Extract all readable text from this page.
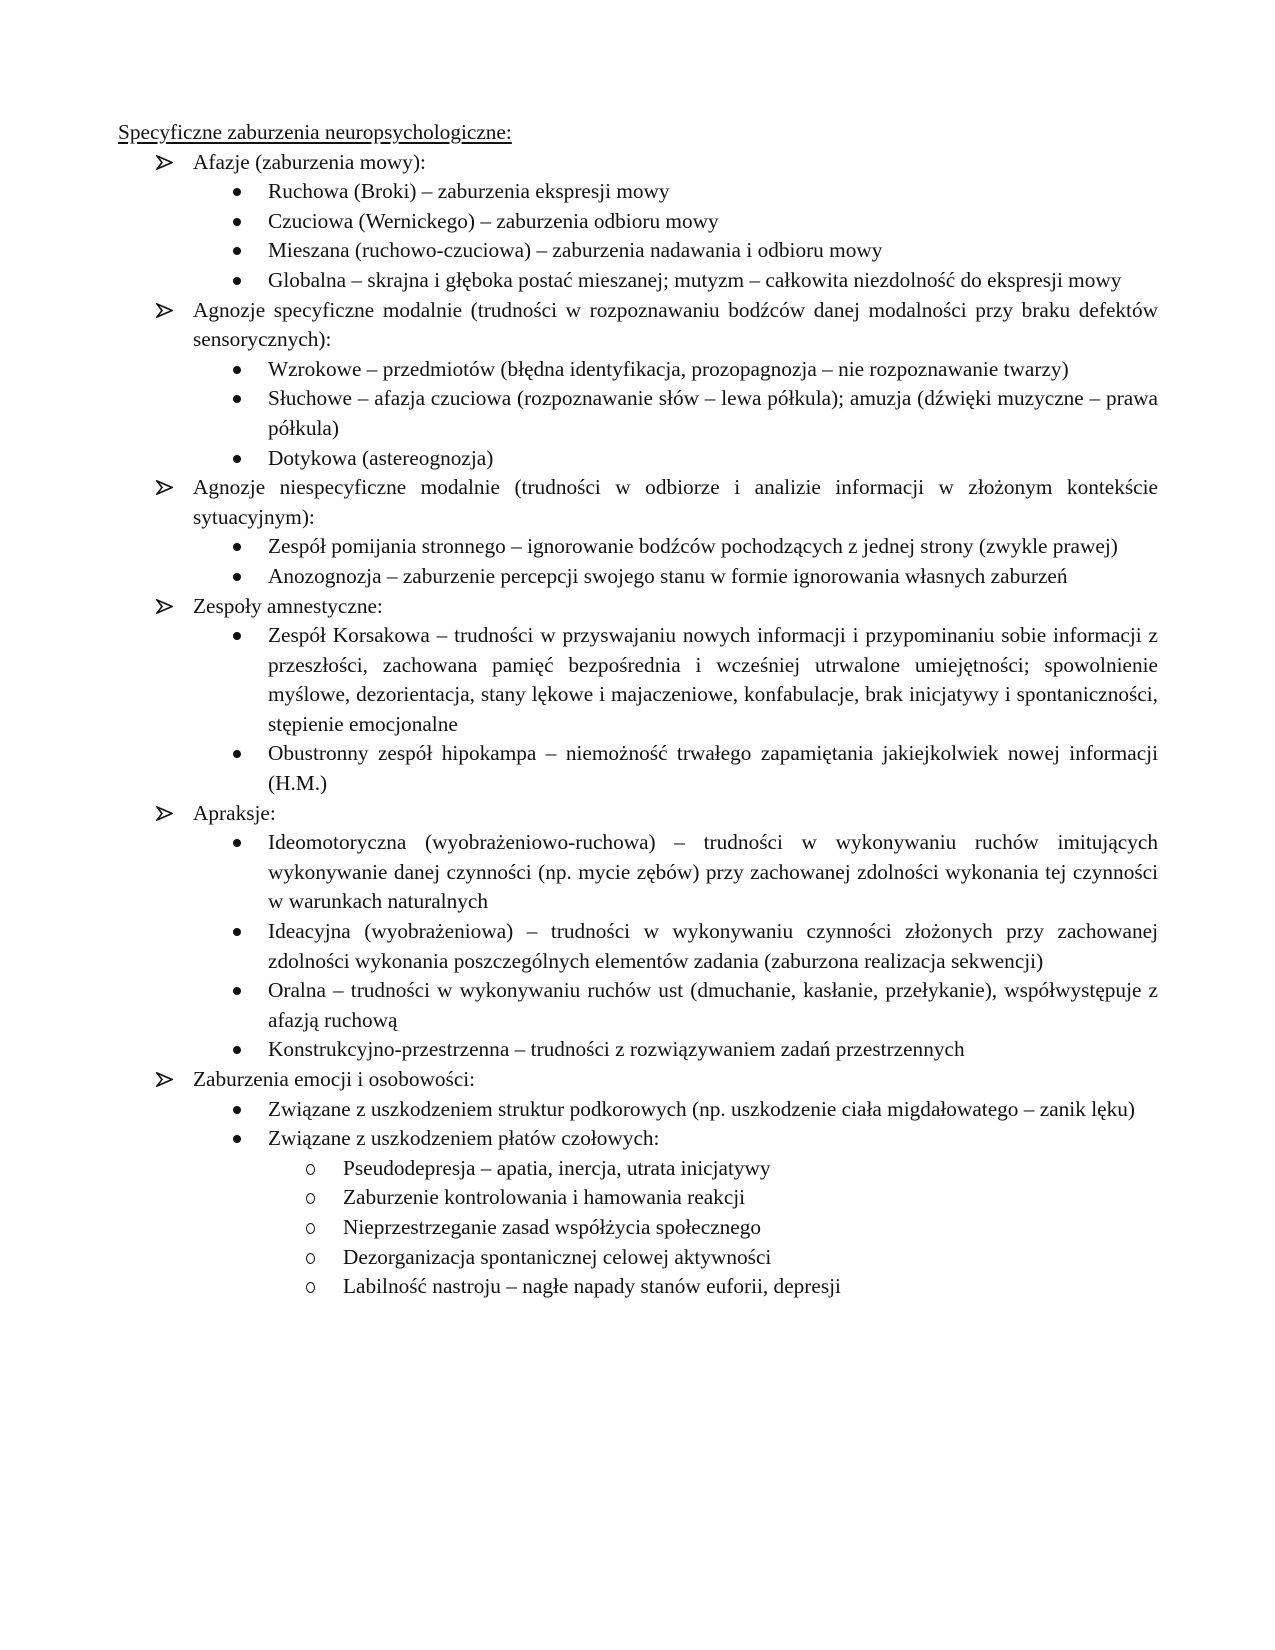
Specyficzne zaburzenia neuropsychologiczne:
Afazje (zaburzenia mowy):
Ruchowa (Broki) – zaburzenia ekspresji mowy
Czuciowa (Wernickego) – zaburzenia odbioru mowy
Mieszana (ruchowo-czuciowa) – zaburzenia nadawania i odbioru mowy
Globalna – skrajna i głęboka postać mieszanej; mutyzm – całkowita niezdolność do ekspresji mowy
Agnozje specyficzne modalnie (trudności w rozpoznawaniu bodźców danej modalności przy braku defektów sensorycznych):
Wzrokowe – przedmiotów (błędna identyfikacja, prozopagnozja – nie rozpoznawanie twarzy)
Słuchowe – afazja czuciowa (rozpoznawanie słów – lewa półkula); amuzja (dźwięki muzyczne – prawa półkula)
Dotykowa (astereognozja)
Agnozje niespecyficzne modalnie (trudności w odbiorze i analizie informacji w złożonym kontekście sytuacyjnym):
Zespół pomijania stronnego – ignorowanie bodźców pochodzących z jednej strony (zwykle prawej)
Anozognozja – zaburzenie percepcji swojego stanu w formie ignorowania własnych zaburzeń
Zespoły amnestyczne:
Zespół Korsakowa – trudności w przyswajaniu nowych informacji i przypominaniu sobie informacji z przeszłości, zachowana pamięć bezpośrednia i wcześniej utrwalone umiejętności; spowolnienie myślowe, dezorientacja, stany lękowe i majaczeniowe, konfabulacje, brak inicjatywy i spontaniczności, stępienie emocjonalne
Obustronny zespół hipokampa – niemożność trwałego zapamiętania jakiejkolwiek nowej informacji (H.M.)
Apraksje:
Ideomotoryczna (wyobrażeniowo-ruchowa) – trudności w wykonywaniu ruchów imitujących wykonywanie danej czynności (np. mycie zębów) przy zachowanej zdolności wykonania tej czynności w warunkach naturalnych
Ideacyjna (wyobrażeniowa) – trudności w wykonywaniu czynności złożonych przy zachowanej zdolności wykonania poszczególnych elementów zadania (zaburzona realizacja sekwencji)
Oralna – trudności w wykonywaniu ruchów ust (dmuchanie, kasłanie, przełykanie), współwystępuje z afazją ruchową
Konstrukcyjno-przestrzenna – trudności z rozwiązywaniem zadań przestrzennych
Zaburzenia emocji i osobowości:
Związane z uszkodzeniem struktur podkorowych (np. uszkodzenie ciała migdałowatego – zanik lęku)
Związane z uszkodzeniem płatów czołowych:
Pseudodepresja – apatia, inercja, utrata inicjatywy
Zaburzenie kontrolowania i hamowania reakcji
Nieprzestrzeganie zasad współżycia społecznego
Dezorganizacja spontanicznej celowej aktywności
Labilność nastroju – nagłe napady stanów euforii, depresji
